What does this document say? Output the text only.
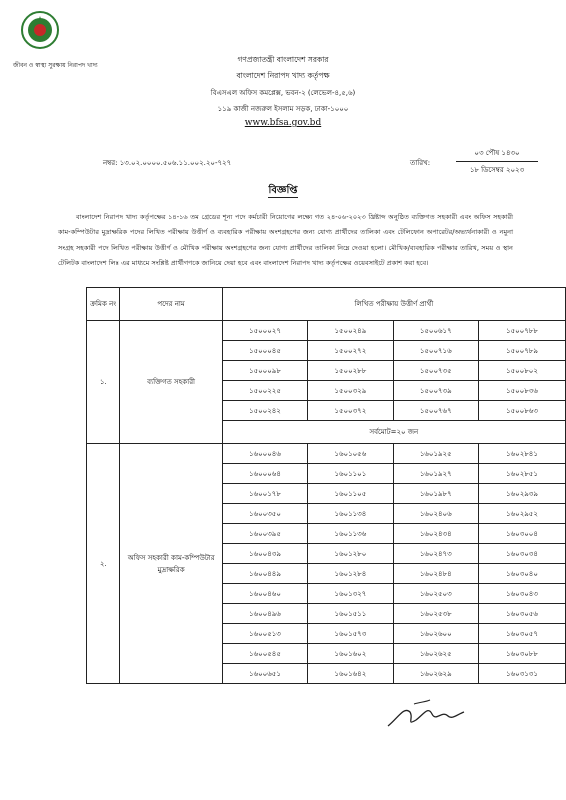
জীবন ও স্বাস্থ্য সুরক্ষায় নিরাপদ খাদ্য
গণপ্রজাতন্ত্রী বাংলাদেশ সরকার
বাংলাদেশ নিরাপদ খাদ্য কর্তৃপক্ষ
বিএসএল অফিস কমপ্লেক্স, ভবন-২ (লেভেল-৪,৫,৬)
১১৯ কাজী নজরুল ইসলাম সড়ক, ঢাকা-১০০০
www.bfsa.gov.bd
নম্বর: ১৩.০২.০০০০.৫০৬.১১.০০২.২০-৭২৭	তারিখ:
০৩ পৌষ ১৪৩০
১৮ ডিসেম্বর ২০২৩
বিজ্ঞপ্তি
বাংলাদেশ নিরাপদ খাদ্য কর্তৃপক্ষের ১৪-১৬ তম গ্রেডের শূন্য পদে কর্মচারী নিয়োগের লক্ষ্যে গত ২৪-০৬-২০২৩ খ্রিষ্টাব্দ অনুষ্ঠিত ব্যক্তিগত সহকারী এবং অফিস সহকারী কাম-কম্পিউটার মুদ্রাক্ষরিক পদের লিখিত পরীক্ষায় উত্তীর্ণ ও ব্যবহারিক পরীক্ষায় অংশগ্রহণের জন্য যোগ্য প্রার্থীদের তালিকা এবং টেলিফোন অপারেটর/অভ্যর্থনাকারী ও নমুনা সংগ্রহ সহকারী পদে লিখিত পরীক্ষায় উত্তীর্ণ ও মৌখিক পরীক্ষায় অংশগ্রহণের জন্য যোগ্য প্রার্থীদের তালিকা নিম্নে দেওয়া হলো। মৌখিক/ব্যবহারিক পরীক্ষার তারিখ, সময় ও স্থান টেলিটক বাংলাদেশ লিঃ এর মাধ্যমে সংশ্লিষ্ট প্রার্থীগণকে জানিয়ে দেয়া হবে এবং বাংলাদেশ নিরাপদ খাদ্য কর্তৃপক্ষের ওয়েবসাইটে প্রকাশ করা হবে।
ক্রমিক নং	পদের নাম	লিখিত পরীক্ষায় উত্তীর্ণ প্রার্থী			
১.	ব্যক্তিগত সহকারী	১৫০০০২৭	১৫০০২৪৯	১৫০০৬১৭	১৫০০৭৮৮
		১৫০০০৪৫	১৫০০২৭২	১৫০০৭১৬	১৫০০৭৮৯
		১৫০০০৯৮	১৫০০২৮৮	১৫০০৭৩৫	১৫০০৮০২
		১৫০০২২৫	১৫০০৩২৯	১৫০০৭৩৯	১৫০০৮৩৬
		১৫০০২৪২	১৫০০৩৭২	১৫০০৭৬৭	১৫০০৮৬৩
		সর্বমোট=২০ জন			
২.	অফিস সহকারী কাম-কম্পিউটার মুদ্রাক্ষরিক	১৬০০০৪৬	১৬০১০৫৬	১৬০১৯২৫	১৬০২৮৪১
		১৬০০০৬৪	১৬০১১০১	১৬০১৯২৭	১৬০২৮৫১
		১৬০০১৭৮	১৬০১১০৫	১৬০১৯৮৭	১৬০২৯৩৯
		১৬০০৩৫০	১৬০১১৩৪	১৬০২৪০৬	১৬০২৯৫২
		১৬০০৩৯৫	১৬০১১৩৬	১৬০২৪৩৪	১৬০৩০০৪
		১৬০০৪৩৯	১৬০১২৮০	১৬০২৪৭৩	১৬০৩০৩৪
		১৬০০৪৪৯	১৬০১২৮৪	১৬০২৪৮৪	১৬০৩০৪০
		১৬০০৪৬০	১৬০১৩২৭	১৬০২৫০৩	১৬০৩০৪৩
		১৬০০৪৯৬	১৬০১৫১১	১৬০২৫৩৮	১৬০৩০৫৬
		১৬০০৫১৩	১৬০১৫৭৩	১৬০২৬০০	১৬০৩০৫৭
		১৬০০৫৪৫	১৬০১৬০২	১৬০২৬২৫	১৬০৩০৮৮
		১৬০০৬৫১	১৬০১৬৪২	১৬০২৬২৯	১৬০৩১৩১
